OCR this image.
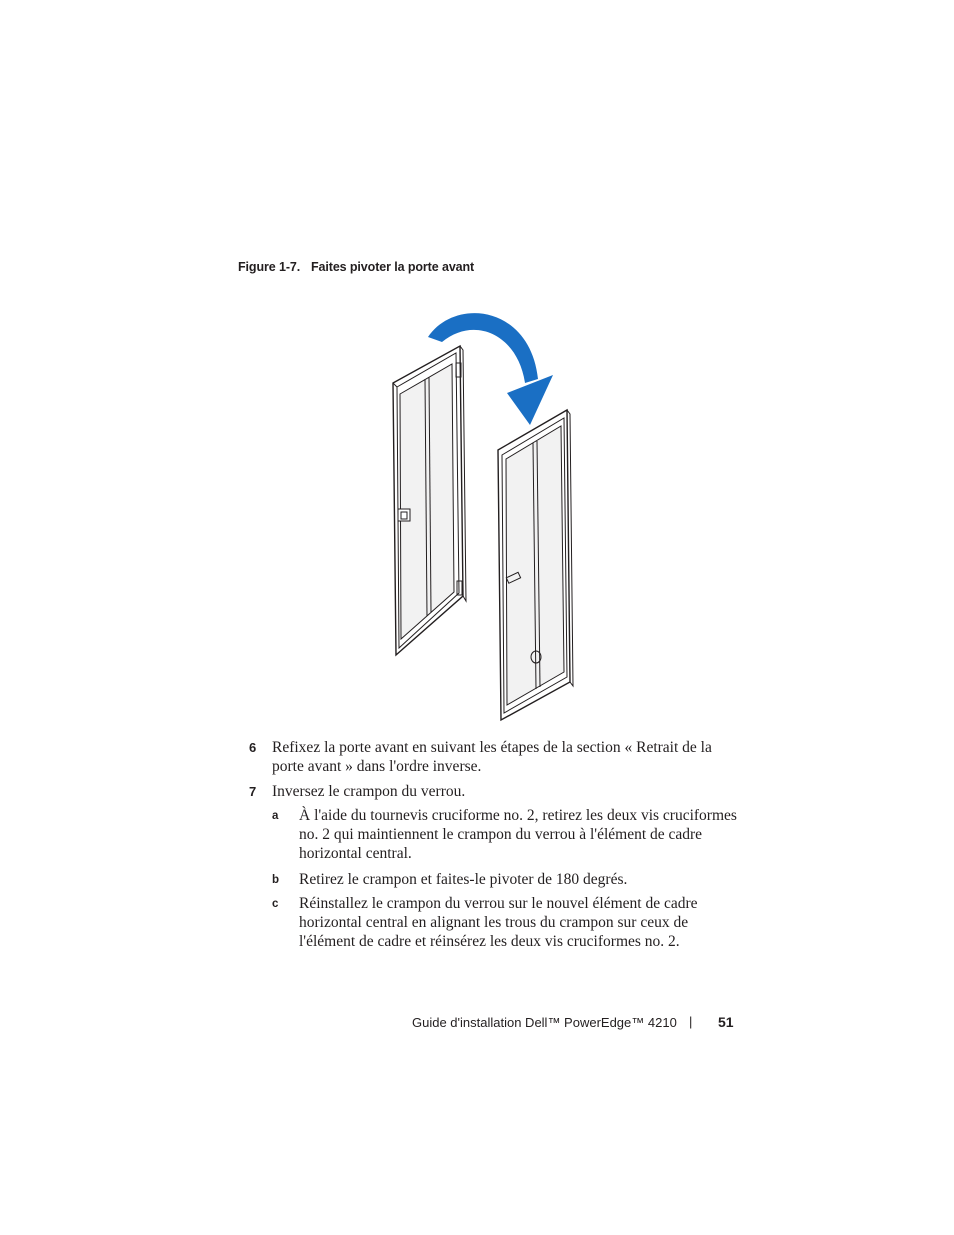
Figure 1-7. Faites pivoter la porte avant
6 Refixez la porte avant en suivant les étapes de la section « Retrait de la porte avant » dans l'ordre inverse.
7 Inversez le crampon du verrou.
a À l'aide du tournevis cruciforme no. 2, retirez les deux vis cruciformes no. 2 qui maintiennent le crampon du verrou à l'élément de cadre horizontal central.
b Retirez le crampon et faites-le pivoter de 180 degrés.
c Réinstallez le crampon du verrou sur le nouvel élément de cadre horizontal central en alignant les trous du crampon sur ceux de l'élément de cadre et réinsérez les deux vis cruciformes no. 2.
Guide d'installation Dell™ PowerEdge™ 4210 | 51
